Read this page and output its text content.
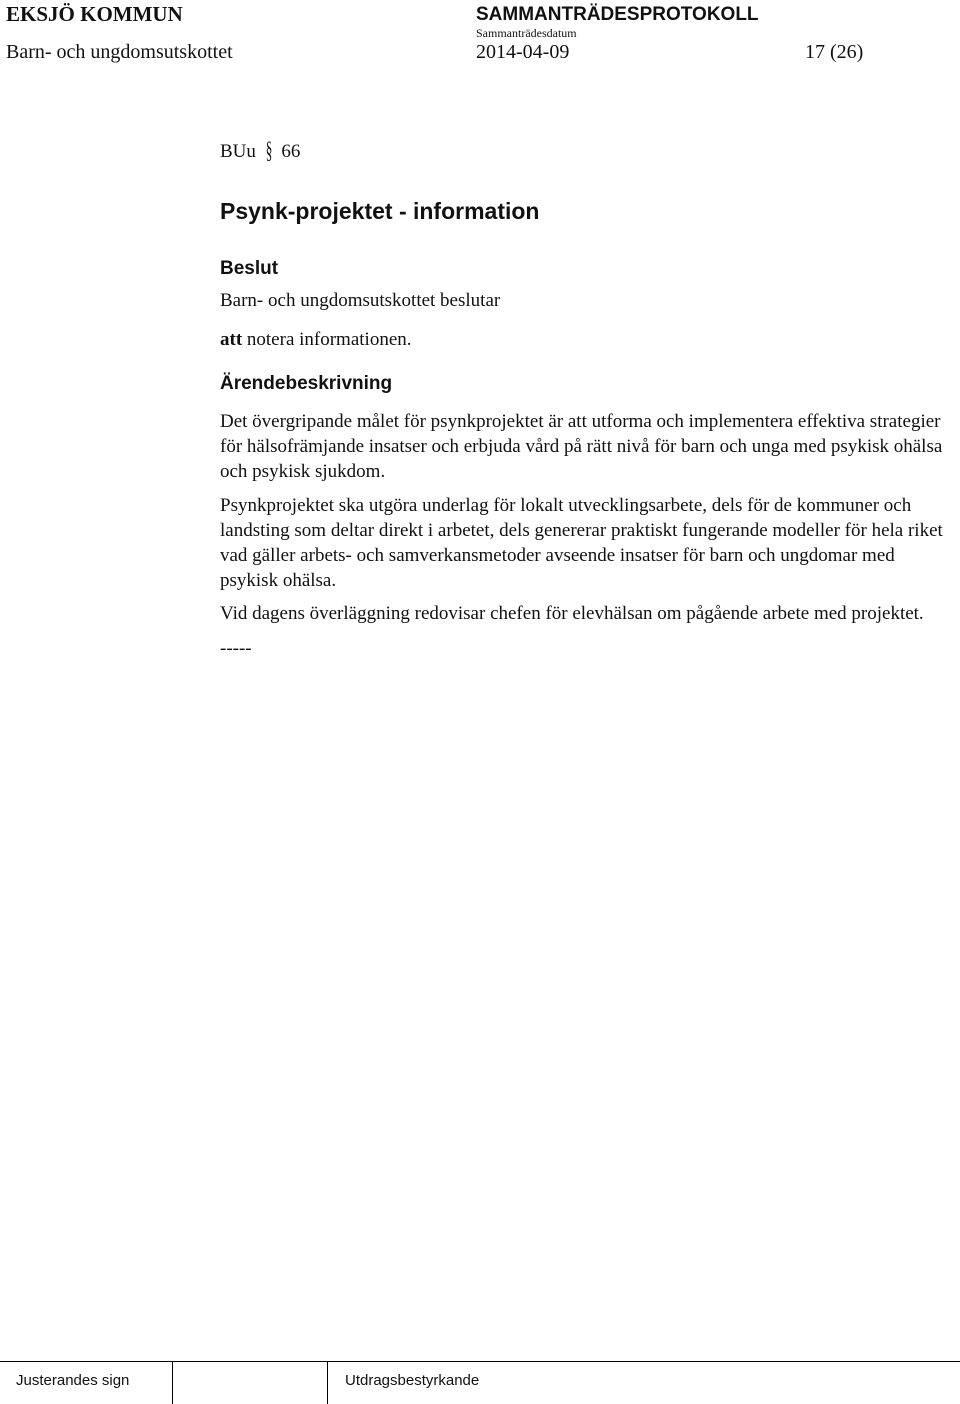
EKSJÖ KOMMUN
Barn- och ungdomsutskottet
SAMMANTRÄDESPROTOKOLL
Sammanträdesdatum
2014-04-09	17 (26)

BUu § 66

Psynk-projektet - information
Beslut

Barn- och ungdomsutskottet beslutar

att notera informationen.

Ärendebeskrivning

Det övergripande målet för psynkprojektet är att utforma och implementera effektiva strategier för hälsofrämjande insatser och erbjuda vård på rätt nivå för barn och unga med psykisk ohälsa och psykisk sjukdom.

Psynkprojektet ska utgöra underlag för lokalt utvecklingsarbete, dels för de kommuner och landsting som deltar direkt i arbetet, dels genererar praktiskt fungerande modeller för hela riket vad gäller arbets- och samverkansmetoder avseende insatser för barn och ungdomar med psykisk ohälsa.

Vid dagens överläggning redovisar chefen för elevhälsan om pågående arbete med projektet.

-----

Justerandes sign	Utdragsbestyrkande
